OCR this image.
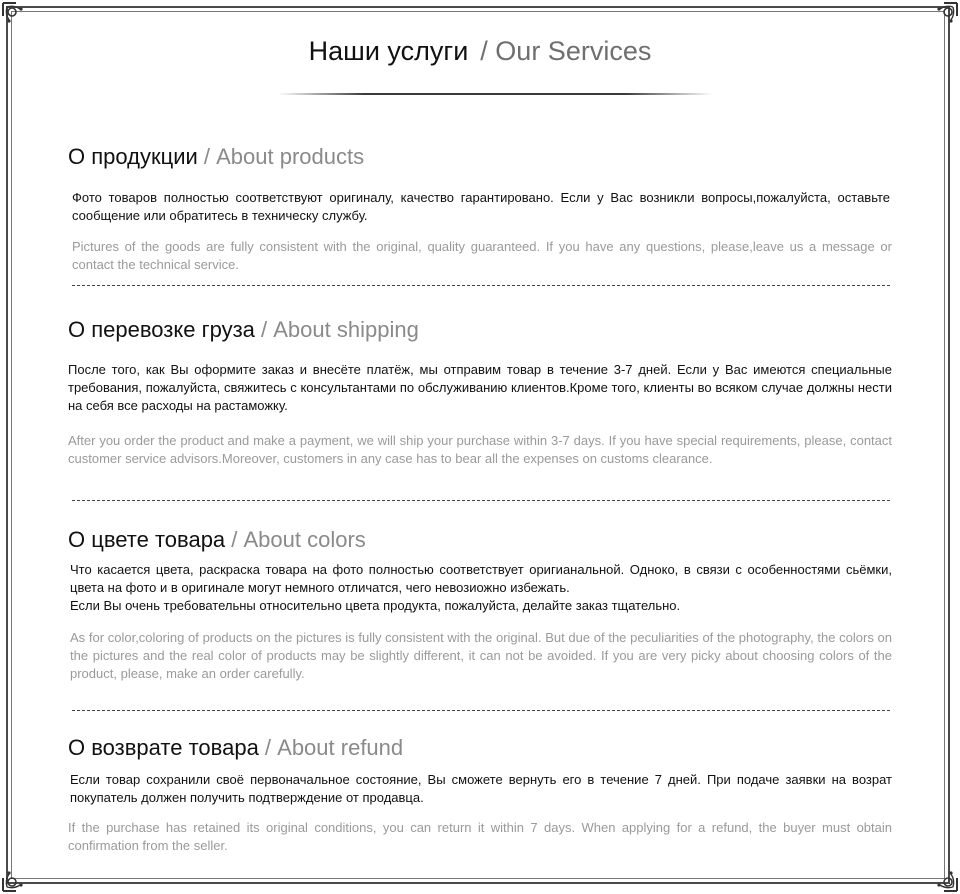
Наши услуги / Our Services
О продукции / About products

Фото товаров полностью соответствуют оригиналу, качество гарантировано. Если у Вас возникли вопросы,пожалуйста, оставьте сообщение или обратитесь в техническу службу.

Pictures of the goods are fully consistent with the original, quality guaranteed. If you have any questions, please,leave us a message or contact the technical service.

О перевозке груза / About shipping

После того, как Вы оформите заказ и внесёте платёж, мы отправим товар в течение 3-7 дней. Если у Вас имеются специальные требования, пожалуйста, свяжитесь с консультантами по обслуживанию клиентов.Кроме того, клиенты во всяком случае должны нести на себя все расходы на растаможку.

After you order the product and make a payment, we will ship your purchase within 3-7 days. If you have special requirements, please, contact customer service advisors.Moreover, customers in any case has to bear all the expenses on customs clearance.

О цвете товара / About colors

Что касается цвета, раскраска товара на фото полностью соответствует оригианальной. Одноко, в связи с особенностями сьёмки, цвета на фото и в оригинале могут немного отличатся, чего невозиожно избежать.

Если Вы очень требовательны относительно цвета продукта, пожалуйста, делайте заказ тщательно.

As for color,coloring of products on the pictures is fully consistent with the original. But due of the peculiarities of the photography, the colors on the pictures and the real color of products may be slightly different, it can not be avoided. If you are very picky about choosing colors of the product, please, make an order carefully.

О возврате товара / About refund

Если товар сохранили своё первоначальное состояние, Вы сможете вернуть его в течение 7 дней. При подаче заявки на возрат покупатель должен получить подтверждение от продавца.

If the purchase has retained its original conditions, you can return it within 7 days. When applying for a refund, the buyer must obtain confirmation from the seller.
